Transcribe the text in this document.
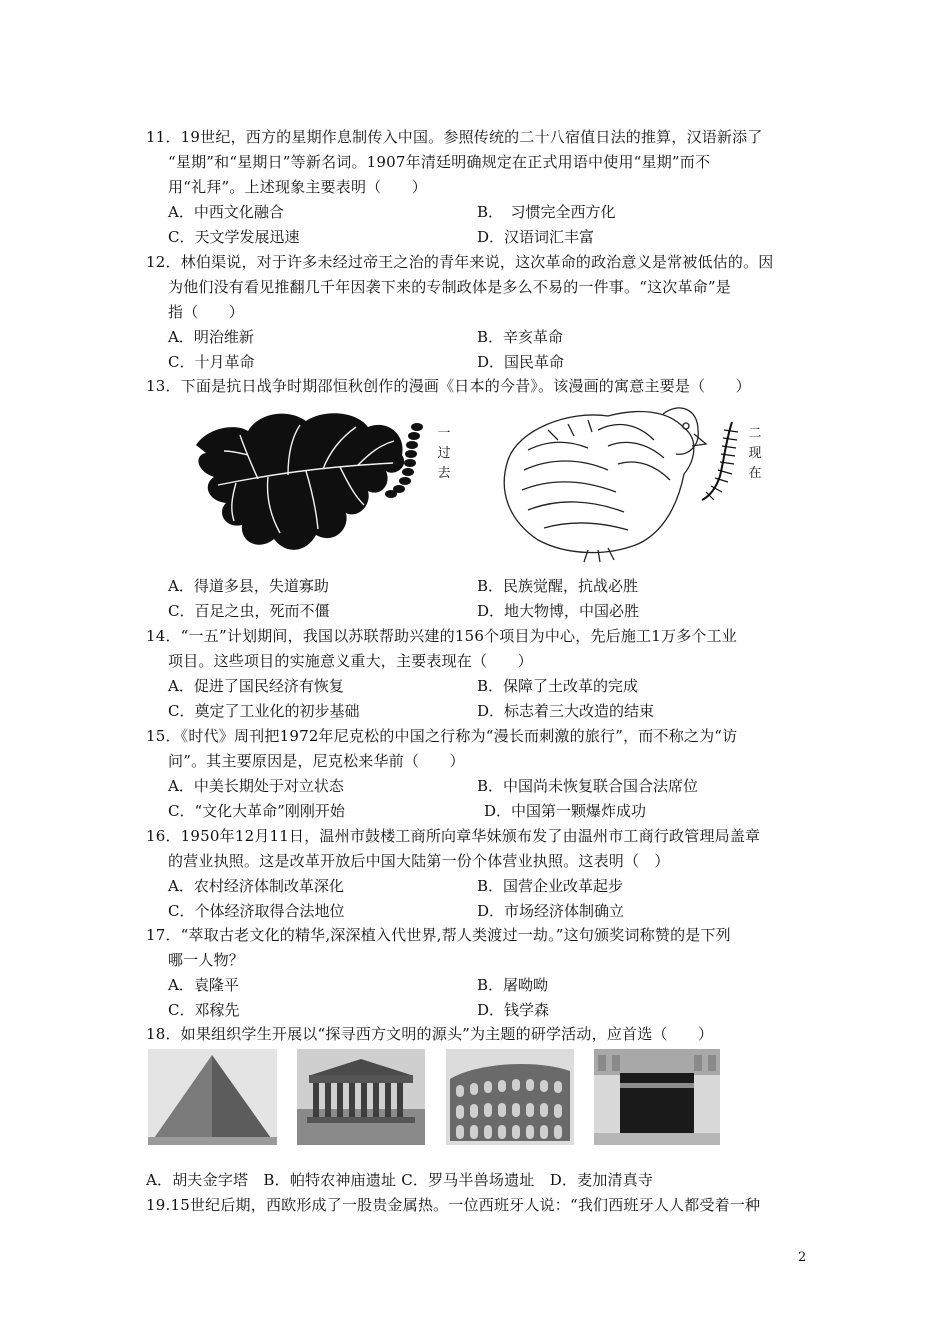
11．19世纪，西方的星期作息制传入中国。参照传统的二十八宿值日法的推算，汉语新添了
“星期”和“星期日”等新名词。1907年清廷明确规定在正式用语中使用“星期”而不
用“礼拜”。上述现象主要表明（　　）
A．中西文化融合	B．　习惯完全西方化
C．天文学发展迅速	D．汉语词汇丰富
12．林伯渠说，对于许多未经过帝王之治的青年来说，这次革命的政治意义是常被低估的。因
为他们没有看见推翻几千年因袭下来的专制政体是多么不易的一件事。“这次革命”是
指（　　）
A．明治维新	B．辛亥革命
C．十月革命	D．国民革命
13．下面是抗日战争时期邵恒秋创作的漫画《日本的今昔》。该漫画的寓意主要是（　　）
一过去
二现在
A．得道多县，失道寡助	B．民族觉醒，抗战必胜
C．百足之虫，死而不僵	D．地大物博，中国必胜
14．“一五”计划期间，我国以苏联帮助兴建的156个项目为中心，先后施工1万多个工业
项目。这些项目的实施意义重大，主要表现在（　　）
A．促进了国民经济有恢复	B．保障了土改革的完成
C．奠定了工业化的初步基础	D．标志着三大改造的结束
15．《时代》周刊把1972年尼克松的中国之行称为“漫长而刺激的旅行”，而不称之为“访
问”。其主要原因是，尼克松来华前（　　）
A．中美长期处于对立状态	B．中国尚未恢复联合国合法席位
C．“文化大革命”刚刚开始	D．中国第一颗爆炸成功
16．1950年12月11日，温州市鼓楼工商所向章华妹颁布发了由温州市工商行政管理局盖章
的营业执照。这是改革开放后中国大陆第一份个体营业执照。这表明（　）
A．农村经济体制改革深化	B．国营企业改革起步
C．个体经济取得合法地位	D．市场经济体制确立
17．“萃取古老文化的精华,深深植入代世界,帮人类渡过一劫。”这句颁奖词称赞的是下列
哪一人物？
A．袁隆平	B．屠呦呦
C．邓稼先	D．钱学森
18．如果组织学生开展以“探寻西方文明的源头”为主题的研学活动，应首选（　　）
A．胡夫金字塔　B．帕特农神庙遗址 C．罗马半兽场遗址　D．麦加清真寺
19.15世纪后期，西欧形成了一股贵金属热。一位西班牙人说：“我们西班牙人人都受着一种
2
